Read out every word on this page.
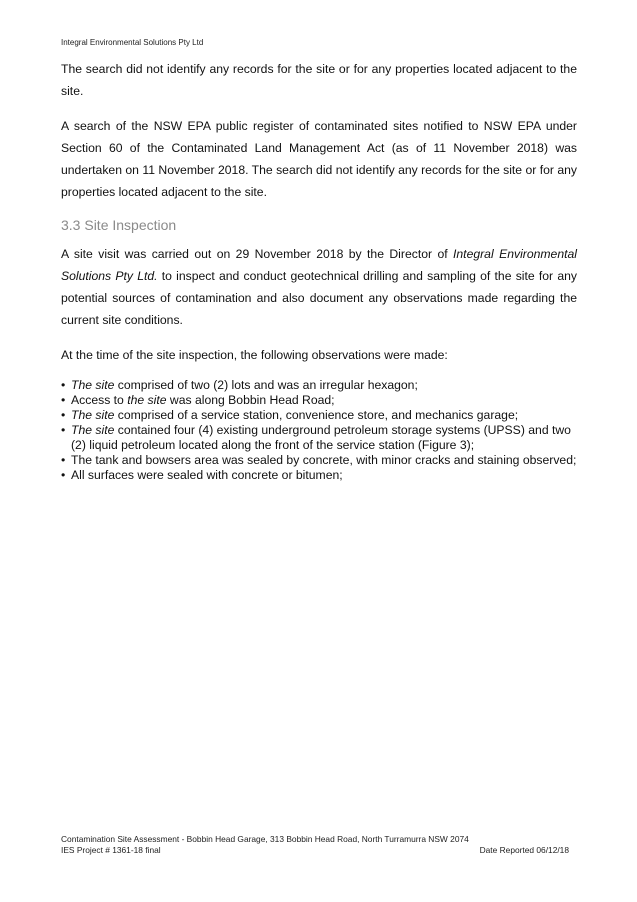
Integral Environmental Solutions Pty Ltd

The search did not identify any records for the site or for any properties located adjacent to the site.

A search of the NSW EPA public register of contaminated sites notified to NSW EPA under Section 60 of the Contaminated Land Management Act (as of 11 November 2018) was undertaken on 11 November 2018. The search did not identify any records for the site or for any properties located adjacent to the site.

3.3 Site Inspection

A site visit was carried out on 29 November 2018 by the Director of Integral Environmental Solutions Pty Ltd. to inspect and conduct geotechnical drilling and sampling of the site for any potential sources of contamination and also document any observations made regarding the current site conditions.

At the time of the site inspection, the following observations were made:

• The site comprised of two (2) lots and was an irregular hexagon;
• Access to the site was along Bobbin Head Road;
• The site comprised of a service station, convenience store, and mechanics garage;
• The site contained four (4) existing underground petroleum storage systems (UPSS) and two (2) liquid petroleum located along the front of the service station (Figure 3);
• The tank and bowsers area was sealed by concrete, with minor cracks and staining observed;
• All surfaces were sealed with concrete or bitumen;
Contamination Site Assessment - Bobbin Head Garage, 313 Bobbin Head Road, North Turramurra NSW 2074
IES Project # 1361-18 final	Date Reported 06/12/18
